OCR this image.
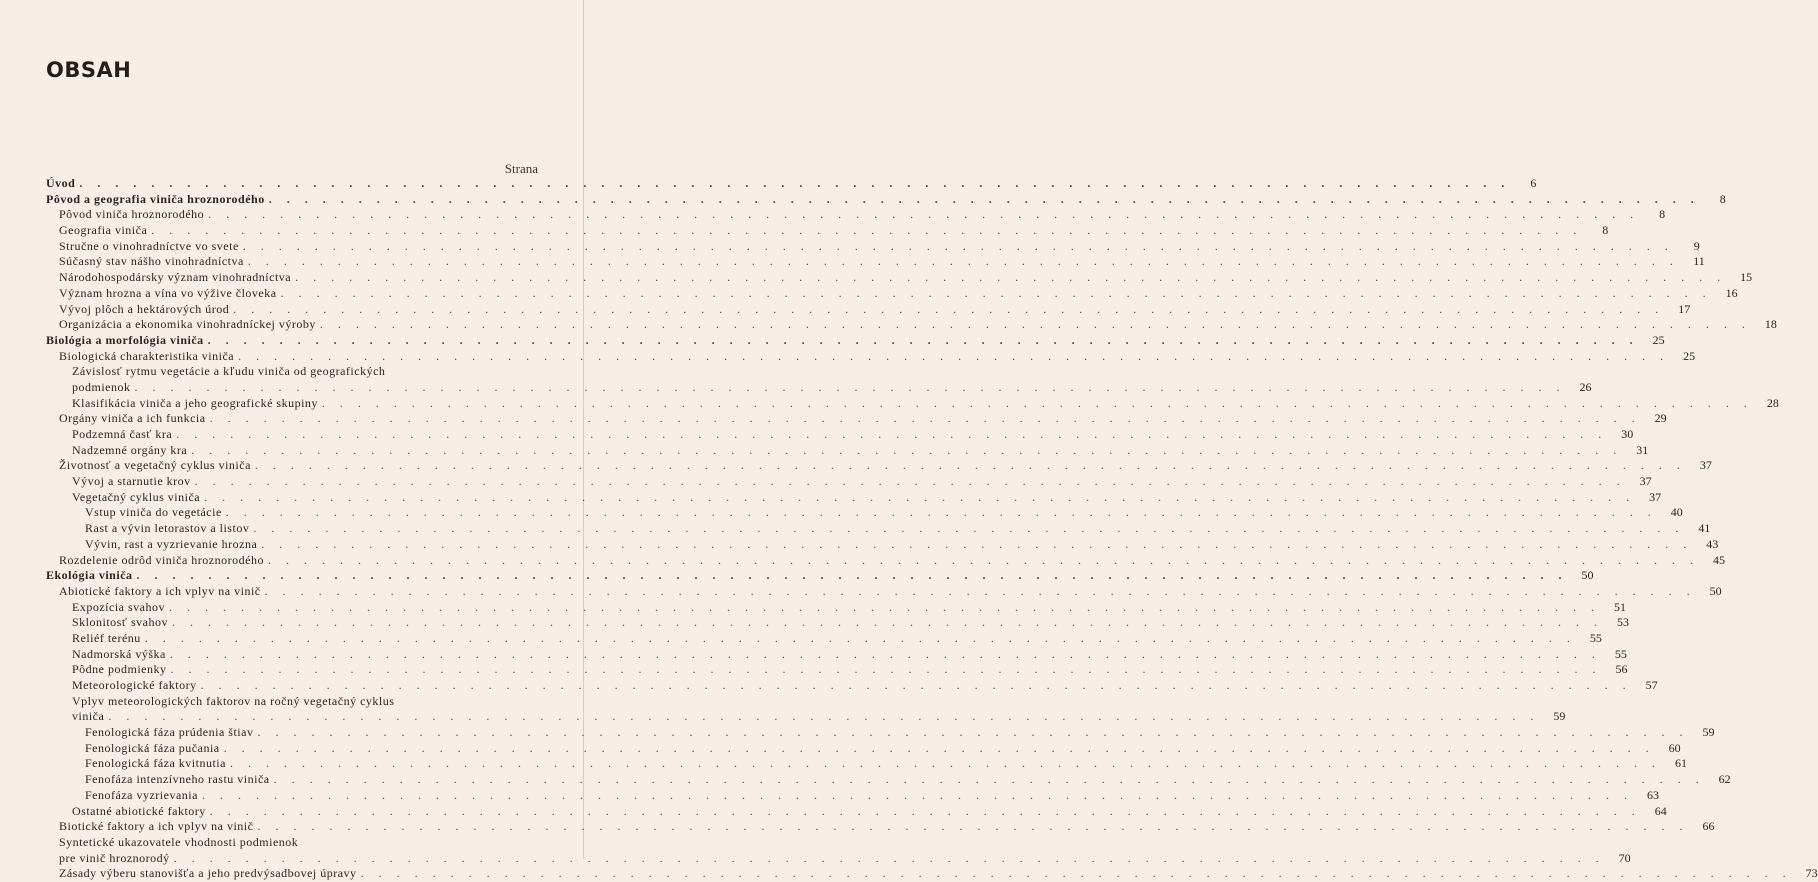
OBSAH
Strana
Úvod . . . . . . . . . . . . . . . . . . . . . . . . . . . . . . . . . . . . . . . . . . . . . . . . . . . . . . . . . . . . . . . . . . . . . . . . . . . . . . . .	6
Pôvod a geografia viniča hroznorodého . . . . . . . . . . . . . . . . . . . . . . . . . . . . . . . . . . . . . . . . . . . . . . . . . . . . . . . . . . . . . . . . . . . . . . . . . . . . . . . .	8
Pôvod viniča hroznorodého . . . . . . . . . . . . . . . . . . . . . . . . . . . . . . . . . . . . . . . . . . . . . . . . . . . . . . . . . . . . . . . . . . . . . . . . . . . . . . . .	8
Geografia viniča . . . . . . . . . . . . . . . . . . . . . . . . . . . . . . . . . . . . . . . . . . . . . . . . . . . . . . . . . . . . . . . . . . . . . . . . . . . . . . . .	8
Stručne o vinohradníctve vo svete . . . . . . . . . . . . . . . . . . . . . . . . . . . . . . . . . . . . . . . . . . . . . . . . . . . . . . . . . . . . . . . . . . . . . . . . . . . . . . . .	9
Súčasný stav nášho vinohradníctva . . . . . . . . . . . . . . . . . . . . . . . . . . . . . . . . . . . . . . . . . . . . . . . . . . . . . . . . . . . . . . . . . . . . . . . . . . . . . . . .	11
Národohospodársky význam vinohradníctva . . . . . . . . . . . . . . . . . . . . . . . . . . . . . . . . . . . . . . . . . . . . . . . . . . . . . . . . . . . . . . . . . . . . . . . . . . . . . . . .	15
Význam hrozna a vína vo výžive človeka . . . . . . . . . . . . . . . . . . . . . . . . . . . . . . . . . . . . . . . . . . . . . . . . . . . . . . . . . . . . . . . . . . . . . . . . . . . . . . . .	16
Vývoj plôch a hektárových úrod . . . . . . . . . . . . . . . . . . . . . . . . . . . . . . . . . . . . . . . . . . . . . . . . . . . . . . . . . . . . . . . . . . . . . . . . . . . . . . . .	17
Organizácia a ekonomika vinohradníckej výroby . . . . . . . . . . . . . . . . . . . . . . . . . . . . . . . . . . . . . . . . . . . . . . . . . . . . . . . . . . . . . . . . . . . . . . . . . . . . . . . .	18
Biológia a morfológia viniča . . . . . . . . . . . . . . . . . . . . . . . . . . . . . . . . . . . . . . . . . . . . . . . . . . . . . . . . . . . . . . . . . . . . . . . . . . . . . . . .	25
Biologická charakteristika viniča . . . . . . . . . . . . . . . . . . . . . . . . . . . . . . . . . . . . . . . . . . . . . . . . . . . . . . . . . . . . . . . . . . . . . . . . . . . . . . . .	25
Závislosť rytmu vegetácie a kľudu viniča od geografických
podmienok . . . . . . . . . . . . . . . . . . . . . . . . . . . . . . . . . . . . . . . . . . . . . . . . . . . . . . . . . . . . . . . . . . . . . . . . . . . . . . . .	26
Klasifikácia viniča a jeho geografické skupiny . . . . . . . . . . . . . . . . . . . . . . . . . . . . . . . . . . . . . . . . . . . . . . . . . . . . . . . . . . . . . . . . . . . . . . . . . . . . . . . .	28
Orgány viniča a ich funkcia . . . . . . . . . . . . . . . . . . . . . . . . . . . . . . . . . . . . . . . . . . . . . . . . . . . . . . . . . . . . . . . . . . . . . . . . . . . . . . . .	29
Podzemná časť kra . . . . . . . . . . . . . . . . . . . . . . . . . . . . . . . . . . . . . . . . . . . . . . . . . . . . . . . . . . . . . . . . . . . . . . . . . . . . . . . .	30
Nadzemné orgány kra . . . . . . . . . . . . . . . . . . . . . . . . . . . . . . . . . . . . . . . . . . . . . . . . . . . . . . . . . . . . . . . . . . . . . . . . . . . . . . . .	31
Životnosť a vegetačný cyklus viniča . . . . . . . . . . . . . . . . . . . . . . . . . . . . . . . . . . . . . . . . . . . . . . . . . . . . . . . . . . . . . . . . . . . . . . . . . . . . . . . .	37
Vývoj a starnutie krov . . . . . . . . . . . . . . . . . . . . . . . . . . . . . . . . . . . . . . . . . . . . . . . . . . . . . . . . . . . . . . . . . . . . . . . . . . . . . . . .	37
Vegetačný cyklus viniča . . . . . . . . . . . . . . . . . . . . . . . . . . . . . . . . . . . . . . . . . . . . . . . . . . . . . . . . . . . . . . . . . . . . . . . . . . . . . . . .	37
Vstup viniča do vegetácie . . . . . . . . . . . . . . . . . . . . . . . . . . . . . . . . . . . . . . . . . . . . . . . . . . . . . . . . . . . . . . . . . . . . . . . . . . . . . . . .	40
Rast a vývin letorastov a listov . . . . . . . . . . . . . . . . . . . . . . . . . . . . . . . . . . . . . . . . . . . . . . . . . . . . . . . . . . . . . . . . . . . . . . . . . . . . . . . .	41
Vývin, rast a vyzrievanie hrozna . . . . . . . . . . . . . . . . . . . . . . . . . . . . . . . . . . . . . . . . . . . . . . . . . . . . . . . . . . . . . . . . . . . . . . . . . . . . . . . .	43
Rozdelenie odrôd viniča hroznorodého . . . . . . . . . . . . . . . . . . . . . . . . . . . . . . . . . . . . . . . . . . . . . . . . . . . . . . . . . . . . . . . . . . . . . . . . . . . . . . . .	45
Ekológia viniča . . . . . . . . . . . . . . . . . . . . . . . . . . . . . . . . . . . . . . . . . . . . . . . . . . . . . . . . . . . . . . . . . . . . . . . . . . . . . . . .	50
Abiotické faktory a ich vplyv na vinič . . . . . . . . . . . . . . . . . . . . . . . . . . . . . . . . . . . . . . . . . . . . . . . . . . . . . . . . . . . . . . . . . . . . . . . . . . . . . . . .	50
Expozícia svahov . . . . . . . . . . . . . . . . . . . . . . . . . . . . . . . . . . . . . . . . . . . . . . . . . . . . . . . . . . . . . . . . . . . . . . . . . . . . . . . .	51
Sklonitosť svahov . . . . . . . . . . . . . . . . . . . . . . . . . . . . . . . . . . . . . . . . . . . . . . . . . . . . . . . . . . . . . . . . . . . . . . . . . . . . . . . .	53
Reliéf terénu . . . . . . . . . . . . . . . . . . . . . . . . . . . . . . . . . . . . . . . . . . . . . . . . . . . . . . . . . . . . . . . . . . . . . . . . . . . . . . . .	55
Nadmorská výška . . . . . . . . . . . . . . . . . . . . . . . . . . . . . . . . . . . . . . . . . . . . . . . . . . . . . . . . . . . . . . . . . . . . . . . . . . . . . . . .	55
Pôdne podmienky . . . . . . . . . . . . . . . . . . . . . . . . . . . . . . . . . . . . . . . . . . . . . . . . . . . . . . . . . . . . . . . . . . . . . . . . . . . . . . . .	56
Meteorologické faktory . . . . . . . . . . . . . . . . . . . . . . . . . . . . . . . . . . . . . . . . . . . . . . . . . . . . . . . . . . . . . . . . . . . . . . . . . . . . . . . .	57
Vplyv meteorologických faktorov na ročný vegetačný cyklus
viniča . . . . . . . . . . . . . . . . . . . . . . . . . . . . . . . . . . . . . . . . . . . . . . . . . . . . . . . . . . . . . . . . . . . . . . . . . . . . . . . .	59
Fenologická fáza prúdenia štiav . . . . . . . . . . . . . . . . . . . . . . . . . . . . . . . . . . . . . . . . . . . . . . . . . . . . . . . . . . . . . . . . . . . . . . . . . . . . . . . .	59
Fenologická fáza pučania . . . . . . . . . . . . . . . . . . . . . . . . . . . . . . . . . . . . . . . . . . . . . . . . . . . . . . . . . . . . . . . . . . . . . . . . . . . . . . . .	60
Fenologická fáza kvitnutia . . . . . . . . . . . . . . . . . . . . . . . . . . . . . . . . . . . . . . . . . . . . . . . . . . . . . . . . . . . . . . . . . . . . . . . . . . . . . . . .	61
Fenofáza intenzívneho rastu viniča . . . . . . . . . . . . . . . . . . . . . . . . . . . . . . . . . . . . . . . . . . . . . . . . . . . . . . . . . . . . . . . . . . . . . . . . . . . . . . . .	62
Fenofáza vyzrievania . . . . . . . . . . . . . . . . . . . . . . . . . . . . . . . . . . . . . . . . . . . . . . . . . . . . . . . . . . . . . . . . . . . . . . . . . . . . . . . .	63
Ostatné abiotické faktory . . . . . . . . . . . . . . . . . . . . . . . . . . . . . . . . . . . . . . . . . . . . . . . . . . . . . . . . . . . . . . . . . . . . . . . . . . . . . . . .	64
Biotické faktory a ich vplyv na vinič . . . . . . . . . . . . . . . . . . . . . . . . . . . . . . . . . . . . . . . . . . . . . . . . . . . . . . . . . . . . . . . . . . . . . . . . . . . . . . . .	66
Syntetické ukazovatele vhodnosti podmienok
pre vinič hroznorodý . . . . . . . . . . . . . . . . . . . . . . . . . . . . . . . . . . . . . . . . . . . . . . . . . . . . . . . . . . . . . . . . . . . . . . . . . . . . . . . .	70
Zásady výberu stanovišťa a jeho predvýsadbovej úpravy . . . . . . . . . . . . . . . . . . . . . . . . . . . . . . . . . . . . . . . . . . . . . . . . . . . . . . . . . . . . . . . . . . . . . . . . . . . . . . . .	73
